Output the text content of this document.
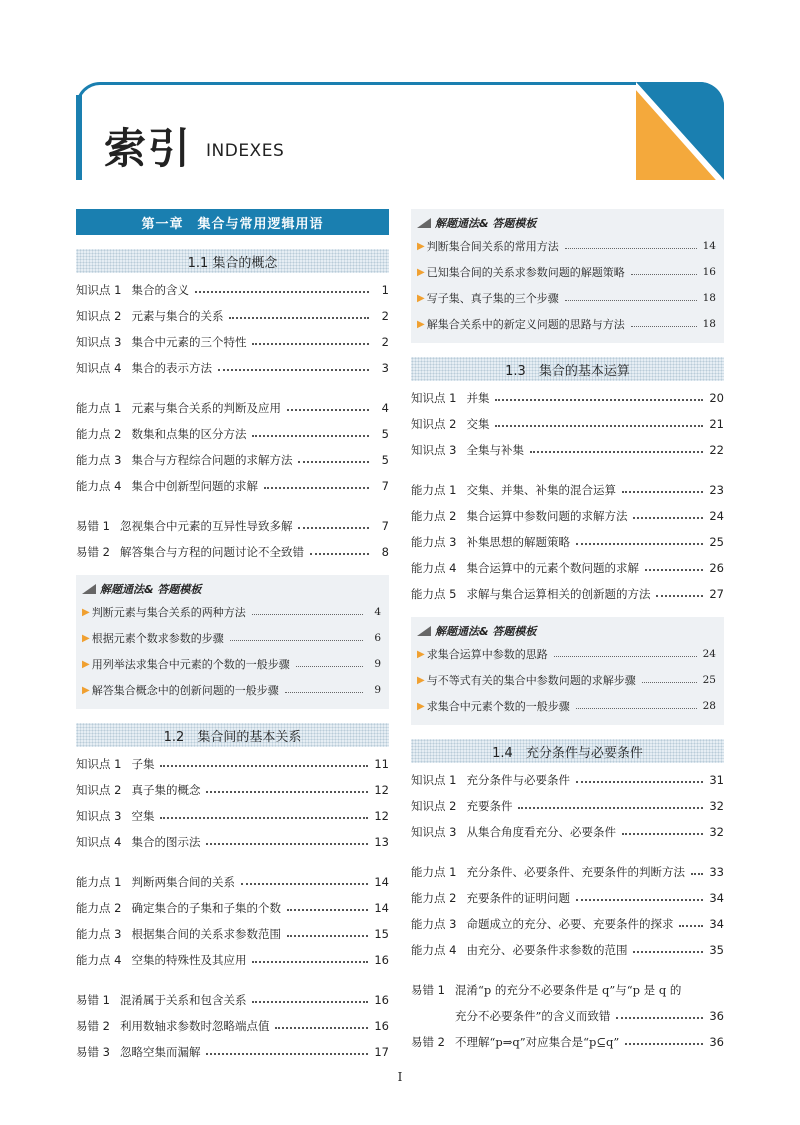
索引 INDEXES
第一章　集合与常用逻辑用语
1.1 集合的概念
知识点 1 集合的含义	1
知识点 2 元素与集合的关系	2
知识点 3 集合中元素的三个特性	2
知识点 4 集合的表示方法	3
能力点 1 元素与集合关系的判断及应用	4
能力点 2 数集和点集的区分方法	5
能力点 3 集合与方程综合问题的求解方法	5
能力点 4 集合中创新型问题的求解	7
易错 1 忽视集合中元素的互异性导致多解	7
易错 2 解答集合与方程的问题讨论不全致错	8
解题通法& 答题模板
▶ 判断元素与集合关系的两种方法	4
▶ 根据元素个数求参数的步骤	6
▶ 用列举法求集合中元素的个数的一般步骤	9
▶ 解答集合概念中的创新问题的一般步骤	9
1.2　集合间的基本关系
知识点 1 子集	11
知识点 2 真子集的概念	12
知识点 3 空集	12
知识点 4 集合的图示法	13
能力点 1 判断两集合间的关系	14
能力点 2 确定集合的子集和子集的个数	14
能力点 3 根据集合间的关系求参数范围	15
能力点 4 空集的特殊性及其应用	16
易错 1 混淆属于关系和包含关系	16
易错 2 利用数轴求参数时忽略端点值	16
易错 3 忽略空集而漏解	17
解题通法& 答题模板
▶ 判断集合间关系的常用方法	14
▶ 已知集合间的关系求参数问题的解题策略	16
▶ 写子集、真子集的三个步骤	18
▶ 解集合关系中的新定义问题的思路与方法	18
1.3　集合的基本运算
知识点 1 并集	20
知识点 2 交集	21
知识点 3 全集与补集	22
能力点 1 交集、并集、补集的混合运算	23
能力点 2 集合运算中参数问题的求解方法	24
能力点 3 补集思想的解题策略	25
能力点 4 集合运算中的元素个数问题的求解	26
能力点 5 求解与集合运算相关的创新题的方法	27
解题通法& 答题模板
▶ 求集合运算中参数的思路	24
▶ 与不等式有关的集合中参数问题的求解步骤	25
▶ 求集合中元素个数的一般步骤	28
1.4　充分条件与必要条件
知识点 1 充分条件与必要条件	31
知识点 2 充要条件	32
知识点 3 从集合角度看充分、必要条件	32
能力点 1 充分条件、必要条件、充要条件的判断方法 33
能力点 2 充要条件的证明问题	34
能力点 3 命题成立的充分、必要、充要条件的探求	34
能力点 4 由充分、必要条件求参数的范围	35
易错 1 混淆“p 的充分不必要条件是 q”与“p 是 q 的
充分不必要条件”的含义而致错	36
易错 2 不理解“p⇒q”对应集合是“p⊆q”	36
I
